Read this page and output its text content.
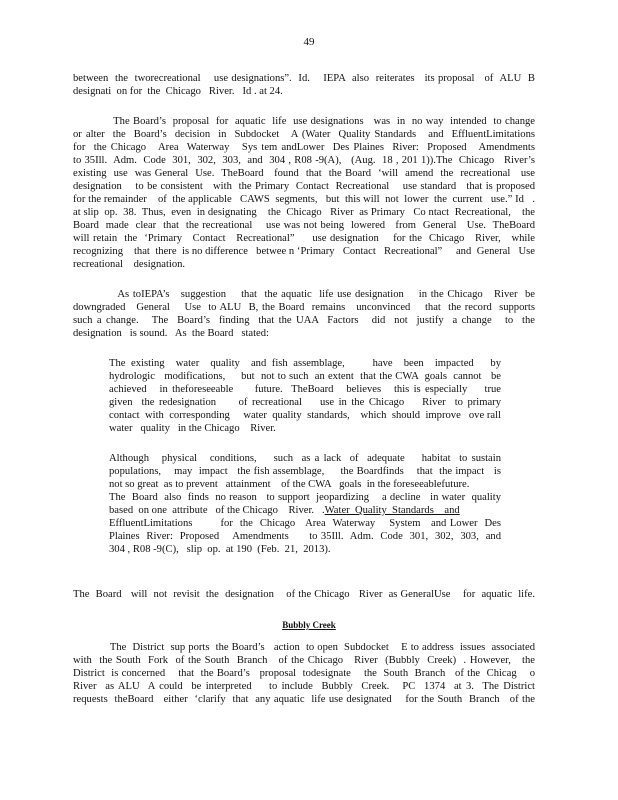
49
between  the  tworecreational    use designations”.  Id.    IEPA  also  reiterates   its proposal   of  ALU  B
designati  on for  the  Chicago   River.   Id . at 24.
The Board’s  proposal  for  aquatic  life  use designations   was  in  no way  intended  to change
or alter  the  Board’s  decision  in  Subdocket   A (Water  Quality Standards   and  EffluentLimitations
for  the Chicago   Area  Waterway   Sys tem andLower  Des Plaines  River:  Proposed   Amendments
to 35Ill.  Adm.  Code  301,  302,  303,  and  304 , R08 -9(A),   (Aug.  18 , 201 1)).The  Chicago   River’s
existing  use  was General  Use.  TheBoard   found  that  the Board  ‘will  amend  the  recreational   use
designation    to be consistent   with  the Primary  Contact  Recreational    use standard   that is proposed
for the remainder    of  the applicable   CAWS  segments,   but  this will  not  lower  the  current   use.” Id   .
at slip  op.  38.  Thus,  even  in designating    the  Chicago   River  as Primary   Co ntact  Recreational,    the
Board  made  clear  that  the recreational    use was not being  lowered   from  General   Use.  TheBoard
will retain  the  ‘Primary   Contact   Recreational”     use designation    for the  Chicago   River,   while
recognizing    that  there  is no difference   betwee n ‘Primary   Contact   Recreational”     and  General   Use
recreational    designation.
As toIEPA’s   suggestion    that  the aquatic  life use designation    in the Chicago   River  be
downgraded   General    Use  to ALU  B, the Board  remains   unconvinced    that  the record  supports
such a change.   The  Board’s  finding  that the UAA  Factors   did  not  justify  a change   to  the
designation   is sound.   As  the Board   stated:
The existing  water  quality  and fish assemblage,     have  been  impacted   by
hydrologic   modifications,     but  not to such  an extent  that the CWA  goals  cannot   be
achieved   in theforeseeable     future.  TheBoard   believes   this is especially    true
given  the redesignation     of recreational    use in the Chicago    River  to primary
contact  with  corresponding     water  quality  standards,    which  should  improve   ove rall
water   quality   in the Chicago    River.
Although   physical   conditions,    such  as a lack  of  adequate    habitat  to sustain
populations,    may  impact   the fish assemblage,     the Boardfinds    that  the impact   is
not so great  as to prevent   attainment    of the CWA   goals  in the foreseeablefuture.
The  Board  also  finds  no reason   to support  jeopardizing    a decline   in water  quality
based  on one  attribute   of the Chicago    River.   .Water  Quality  Standards    and
EffluentLimitations        for  the  Chicago   Area  Waterway    System   and Lower  Des
Plaines  River:  Proposed    Amendments      to 35Ill.  Adm.  Code  301,  302,  303,  and
304 , R08 -9(C),   slip  op.  at 190  (Feb.  21,  2013).
The  Board   will  not  revisit  the  designation    of the Chicago   River  as GeneralUse    for  aquatic  life.
Bubbly Creek
The  District  sup ports  the Board’s   action  to open  Subdocket    E to address  issues  associated
with  the South  Fork  of the South  Branch   of the Chicago   River  (Bubbly  Creek)  . However,   the
District  is concerned    that  the Board’s   proposal  todesignate    the  South  Branch   of the  Chicag    o
River  as ALU  A could  be interpreted    to include  Bubbly  Creek.   PC  1374  at 3.  The District
requests  theBoard   either  ‘clarify  that  any aquatic  life use designated    for the South  Branch   of the
